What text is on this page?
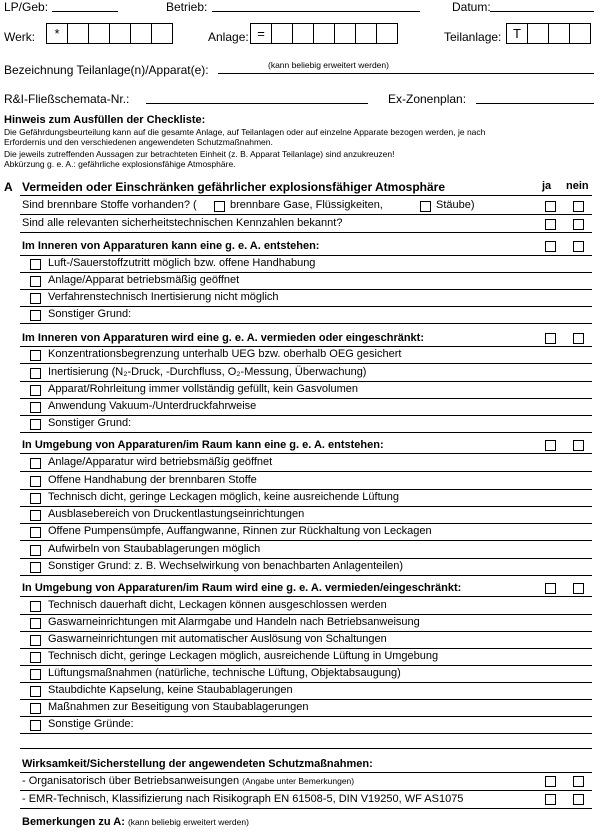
LP/Geb:	Betrieb:	Datum:
Werk:	*	Anlage: =	Teilanlage: T
Bezeichnung Teilanlage(n)/Apparat(e):	(kann beliebig erweitert werden)
R&I-Fließschemata-Nr.:	Ex-Zonenplan:
Hinweis zum Ausfüllen der Checkliste:
Die Gefährdungsbeurteilung kann auf die gesamte Anlage, auf Teilanlagen oder auf einzelne Apparate bezogen werden, je nach
Erfordernis und den verschiedenen angewendeten Schutzmaßnahmen.
Die jeweils zutreffenden Aussagen zur betrachteten Einheit (z. B. Apparat Teilanlage) sind anzukreuzen!
Abkürzung g. e. A.: gefährliche explosionsfähige Atmosphäre.
A Vermeiden oder Einschränken gefährlicher explosionsfähiger Atmosphäre	ja nein
Sind brennbare Stoffe vorhanden? (	brennbare Gase, Flüssigkeiten,	Stäube)
Sind alle relevanten sicherheitstechnischen Kennzahlen bekannt?
Im Inneren von Apparaturen kann eine g. e. A. entstehen:
Luft-/Sauerstoffzutritt möglich bzw. offene Handhabung
Anlage/Apparat betriebsmäßig geöffnet
Verfahrenstechnisch Inertisierung nicht möglich
Sonstiger Grund:
Im Inneren von Apparaturen wird eine g. e. A. vermieden oder eingeschränkt:
Konzentrationsbegrenzung unterhalb UEG bzw. oberhalb OEG gesichert
Inertisierung (N₂-Druck, -Durchfluss, O₂-Messung, Überwachung)
Apparat/Rohrleitung immer vollständig gefüllt, kein Gasvolumen
Anwendung Vakuum-/Unterdruckfahrweise
Sonstiger Grund:
In Umgebung von Apparaturen/im Raum kann eine g. e. A. entstehen:
Anlage/Apparatur wird betriebsmäßig geöffnet
Offene Handhabung der brennbaren Stoffe
Technisch dicht, geringe Leckagen möglich, keine ausreichende Lüftung
Ausblasebereich von Druckentlastungseinrichtungen
Offene Pumpensümpfe, Auffangwanne, Rinnen zur Rückhaltung von Leckagen
Aufwirbeln von Staubablagerungen möglich
Sonstiger Grund: z. B. Wechselwirkung von benachbarten Anlagenteilen)
In Umgebung von Apparaturen/im Raum wird eine g. e. A. vermieden/eingeschränkt:
Technisch dauerhaft dicht, Leckagen können ausgeschlossen werden
Gaswarneinrichtungen mit Alarmgabe und Handeln nach Betriebsanweisung
Gaswarneinrichtungen mit automatischer Auslösung von Schaltungen
Technisch dicht, geringe Leckagen möglich, ausreichende Lüftung in Umgebung
Lüftungsmaßnahmen (natürliche, technische Lüftung, Objektabsaugung)
Staubdichte Kapselung, keine Staubablagerungen
Maßnahmen zur Beseitigung von Staubablagerungen
Sonstige Gründe:
Wirksamkeit/Sicherstellung der angewendeten Schutzmaßnahmen:
- Organisatorisch über Betriebsanweisungen (Angabe unter Bemerkungen)
- EMR-Technisch, Klassifizierung nach Risikograph EN 61508-5, DIN V19250, WF AS1075
Bemerkungen zu A: (kann beliebig erweitert werden)
